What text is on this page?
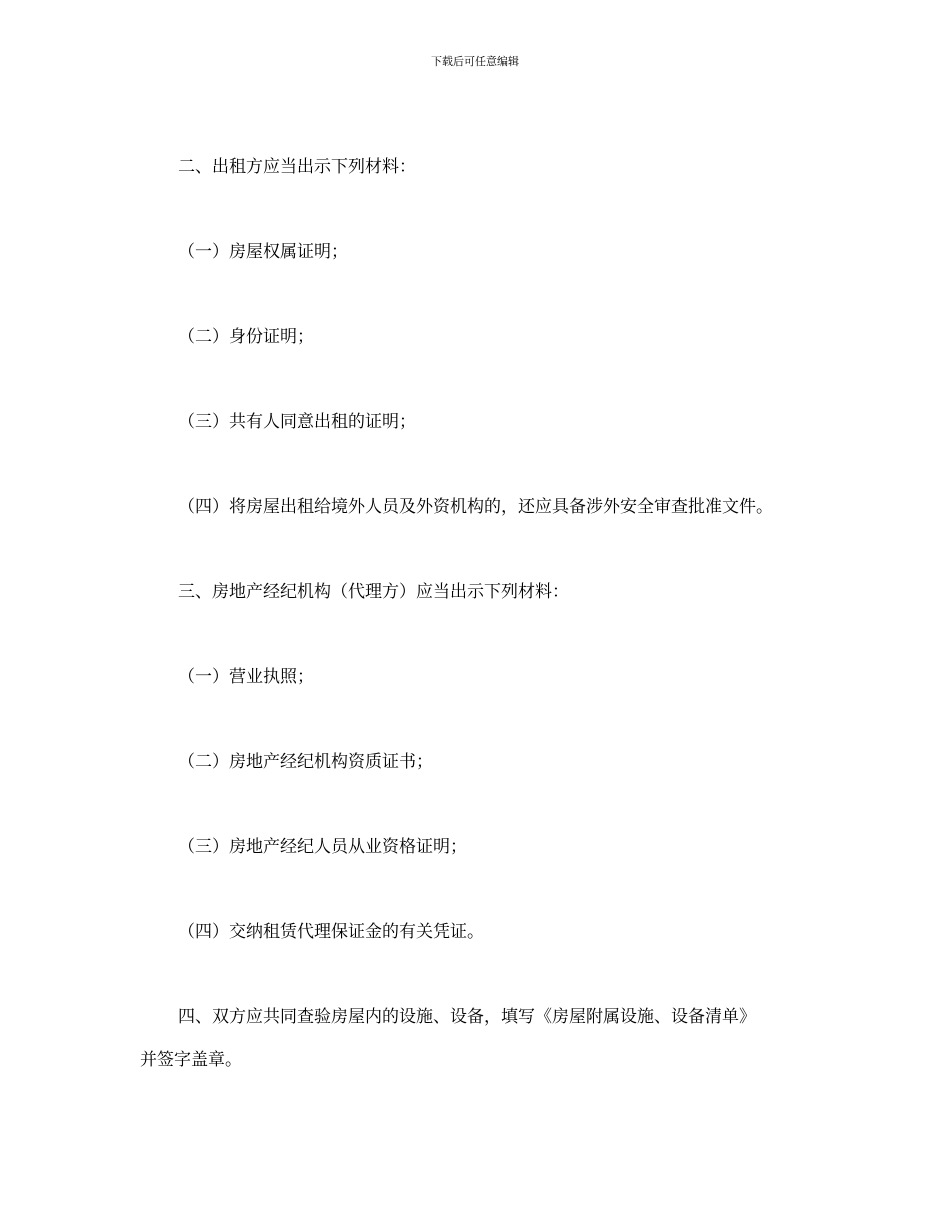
下载后可任意编辑
二、出租方应当出示下列材料：
（一）房屋权属证明；
（二）身份证明；
（三）共有人同意出租的证明；
（四）将房屋出租给境外人员及外资机构的，还应具备涉外安全审查批准文件。
三、房地产经纪机构（代理方）应当出示下列材料：
（一）营业执照；
（二）房地产经纪机构资质证书；
（三）房地产经纪人员从业资格证明；
（四）交纳租赁代理保证金的有关凭证。
四、双方应共同查验房屋内的设施、设备，填写《房屋附属设施、设备清单》
并签字盖章。
